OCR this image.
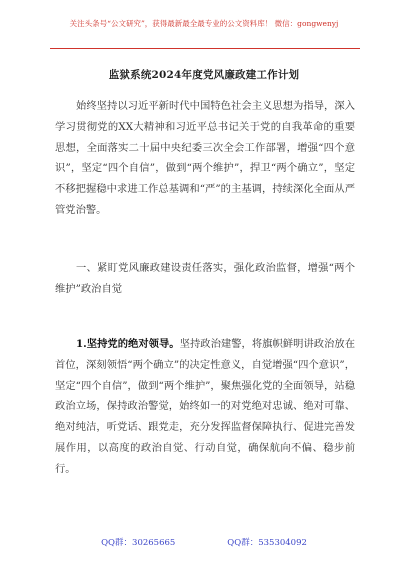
关注头条号“公文研究”，获得最新最全最专业的公文资料库！ 微信：gongwenyj
监狱系统2024年度党风廉政建工作计划
始终坚持以习近平新时代中国特色社会主义思想为指导，深入学习贯彻党的XX大精神和习近平总书记关于党的自我革命的重要思想，全面落实二十届中央纪委三次全会工作部署，增强“四个意识”，坚定“四个自信”，做到“两个维护”，捍卫“两个确立”，坚定不移把握稳中求进工作总基调和“严”的主基调，持续深化全面从严管党治警。
一、紧盯党风廉政建设责任落实，强化政治监督，增强“两个维护”政治自觉
1.坚持党的绝对领导。坚持政治建警，将旗帜鲜明讲政治放在首位，深刻领悟“两个确立”的决定性意义，自觉增强“四个意识”，坚定“四个自信”，做到“两个维护”，聚焦强化党的全面领导，站稳政治立场，保持政治警觉，始终如一的对党绝对忠诚、绝对可靠、绝对纯洁，听党话、跟党走，充分发挥监督保障执行、促进完善发展作用，以高度的政治自觉、行动自觉，确保航向不偏、稳步前行。
QQ群：30265665	QQ群：535304092
